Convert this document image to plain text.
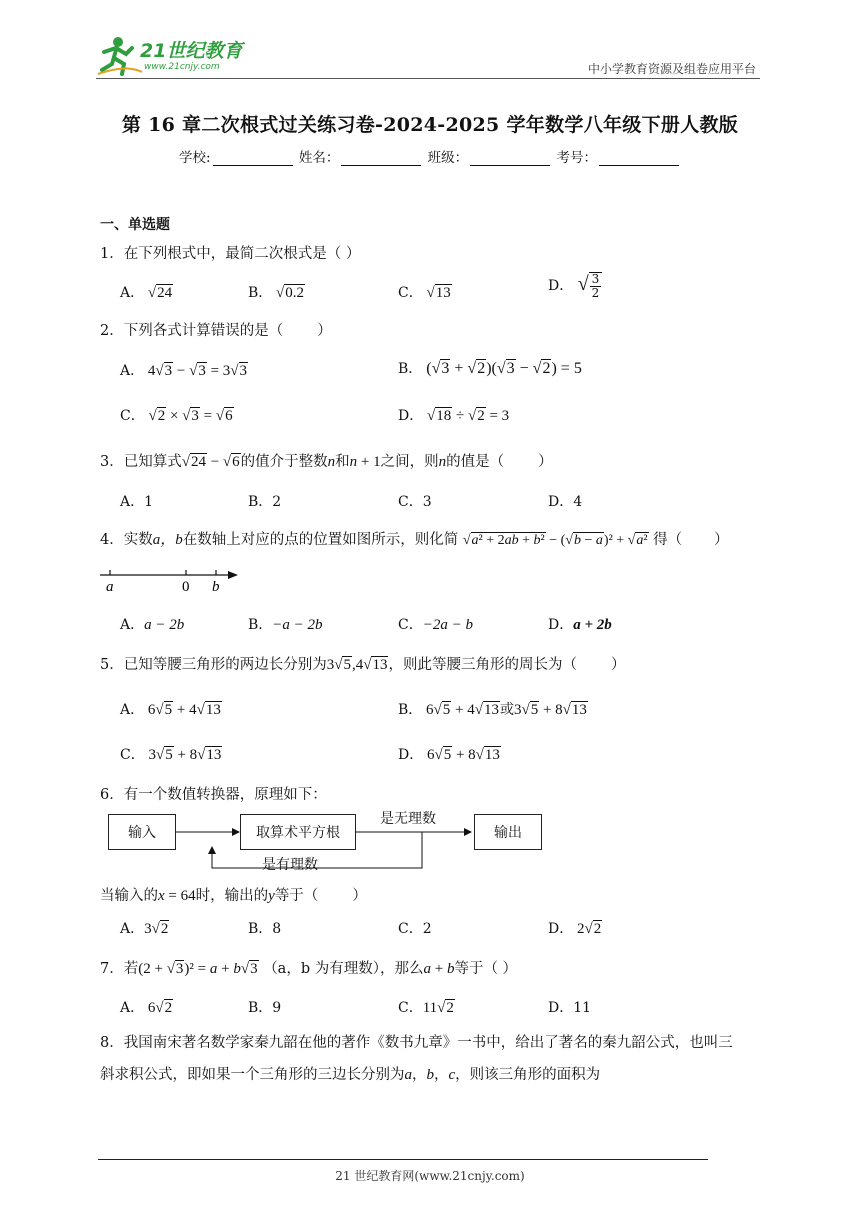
21世纪教育
www.21cnjy.com	中小学教育资源及组卷应用平台
第 16 章二次根式过关练习卷-2024-2025 学年数学八年级下册人教版
学校:	姓名：	班级：	考号：
一、单选题
1．在下列根式中，最简二次根式是（ ）
A． √24	B． √0.2	C． √13	D． √ $\frac{3}{2}$
2．下列各式计算错误的是（ ）
A． 4√3 − √3 = 3√3	B． (√3 + √2)(√3 − √2) = 5
C． √2 × √3 = √6	D． √18 ÷ √2 = 3
3．已知算式√24 − √6的值介于整数n和n + 1之间，则n的值是（ ）
A．1	B．2	C．3	D．4
4．实数a，b在数轴上对应的点的位置如图所示，则化简 √a² + 2ab + b² − (√b − a)² + √a² 得（ ）
a	0 b
A．a − 2b	B．−a − 2b	C．−2a − b	D．a + 2b
5．已知等腰三角形的两边长分别为3√5,4√13，则此等腰三角形的周长为（ ）
A． 6√5 + 4√13	B． 6√5 + 4√13或3√5 + 8√13
C． 3√5 + 8√13	D． 6√5 + 8√13
6．有一个数值转换器，原理如下：
输入	取算术平方根	输出
是无理数
是有理数
当输入的x = 64时，输出的y等于（ ）
A．3√2	B．8	C．2	D． 2√2
7．若(2 + √3)² = a + b√3 （a，b 为有理数），那么a + b等于（ ）
A． 6√2	B．9	C．11√2	D．11
8．我国南宋著名数学家秦九韶在他的著作《数书九章》一书中，给出了著名的秦九韶公式，也叫三
斜求积公式，即如果一个三角形的三边长分别为a，b，c，则该三角形的面积为
21 世纪教育网(www.21cnjy.com)
